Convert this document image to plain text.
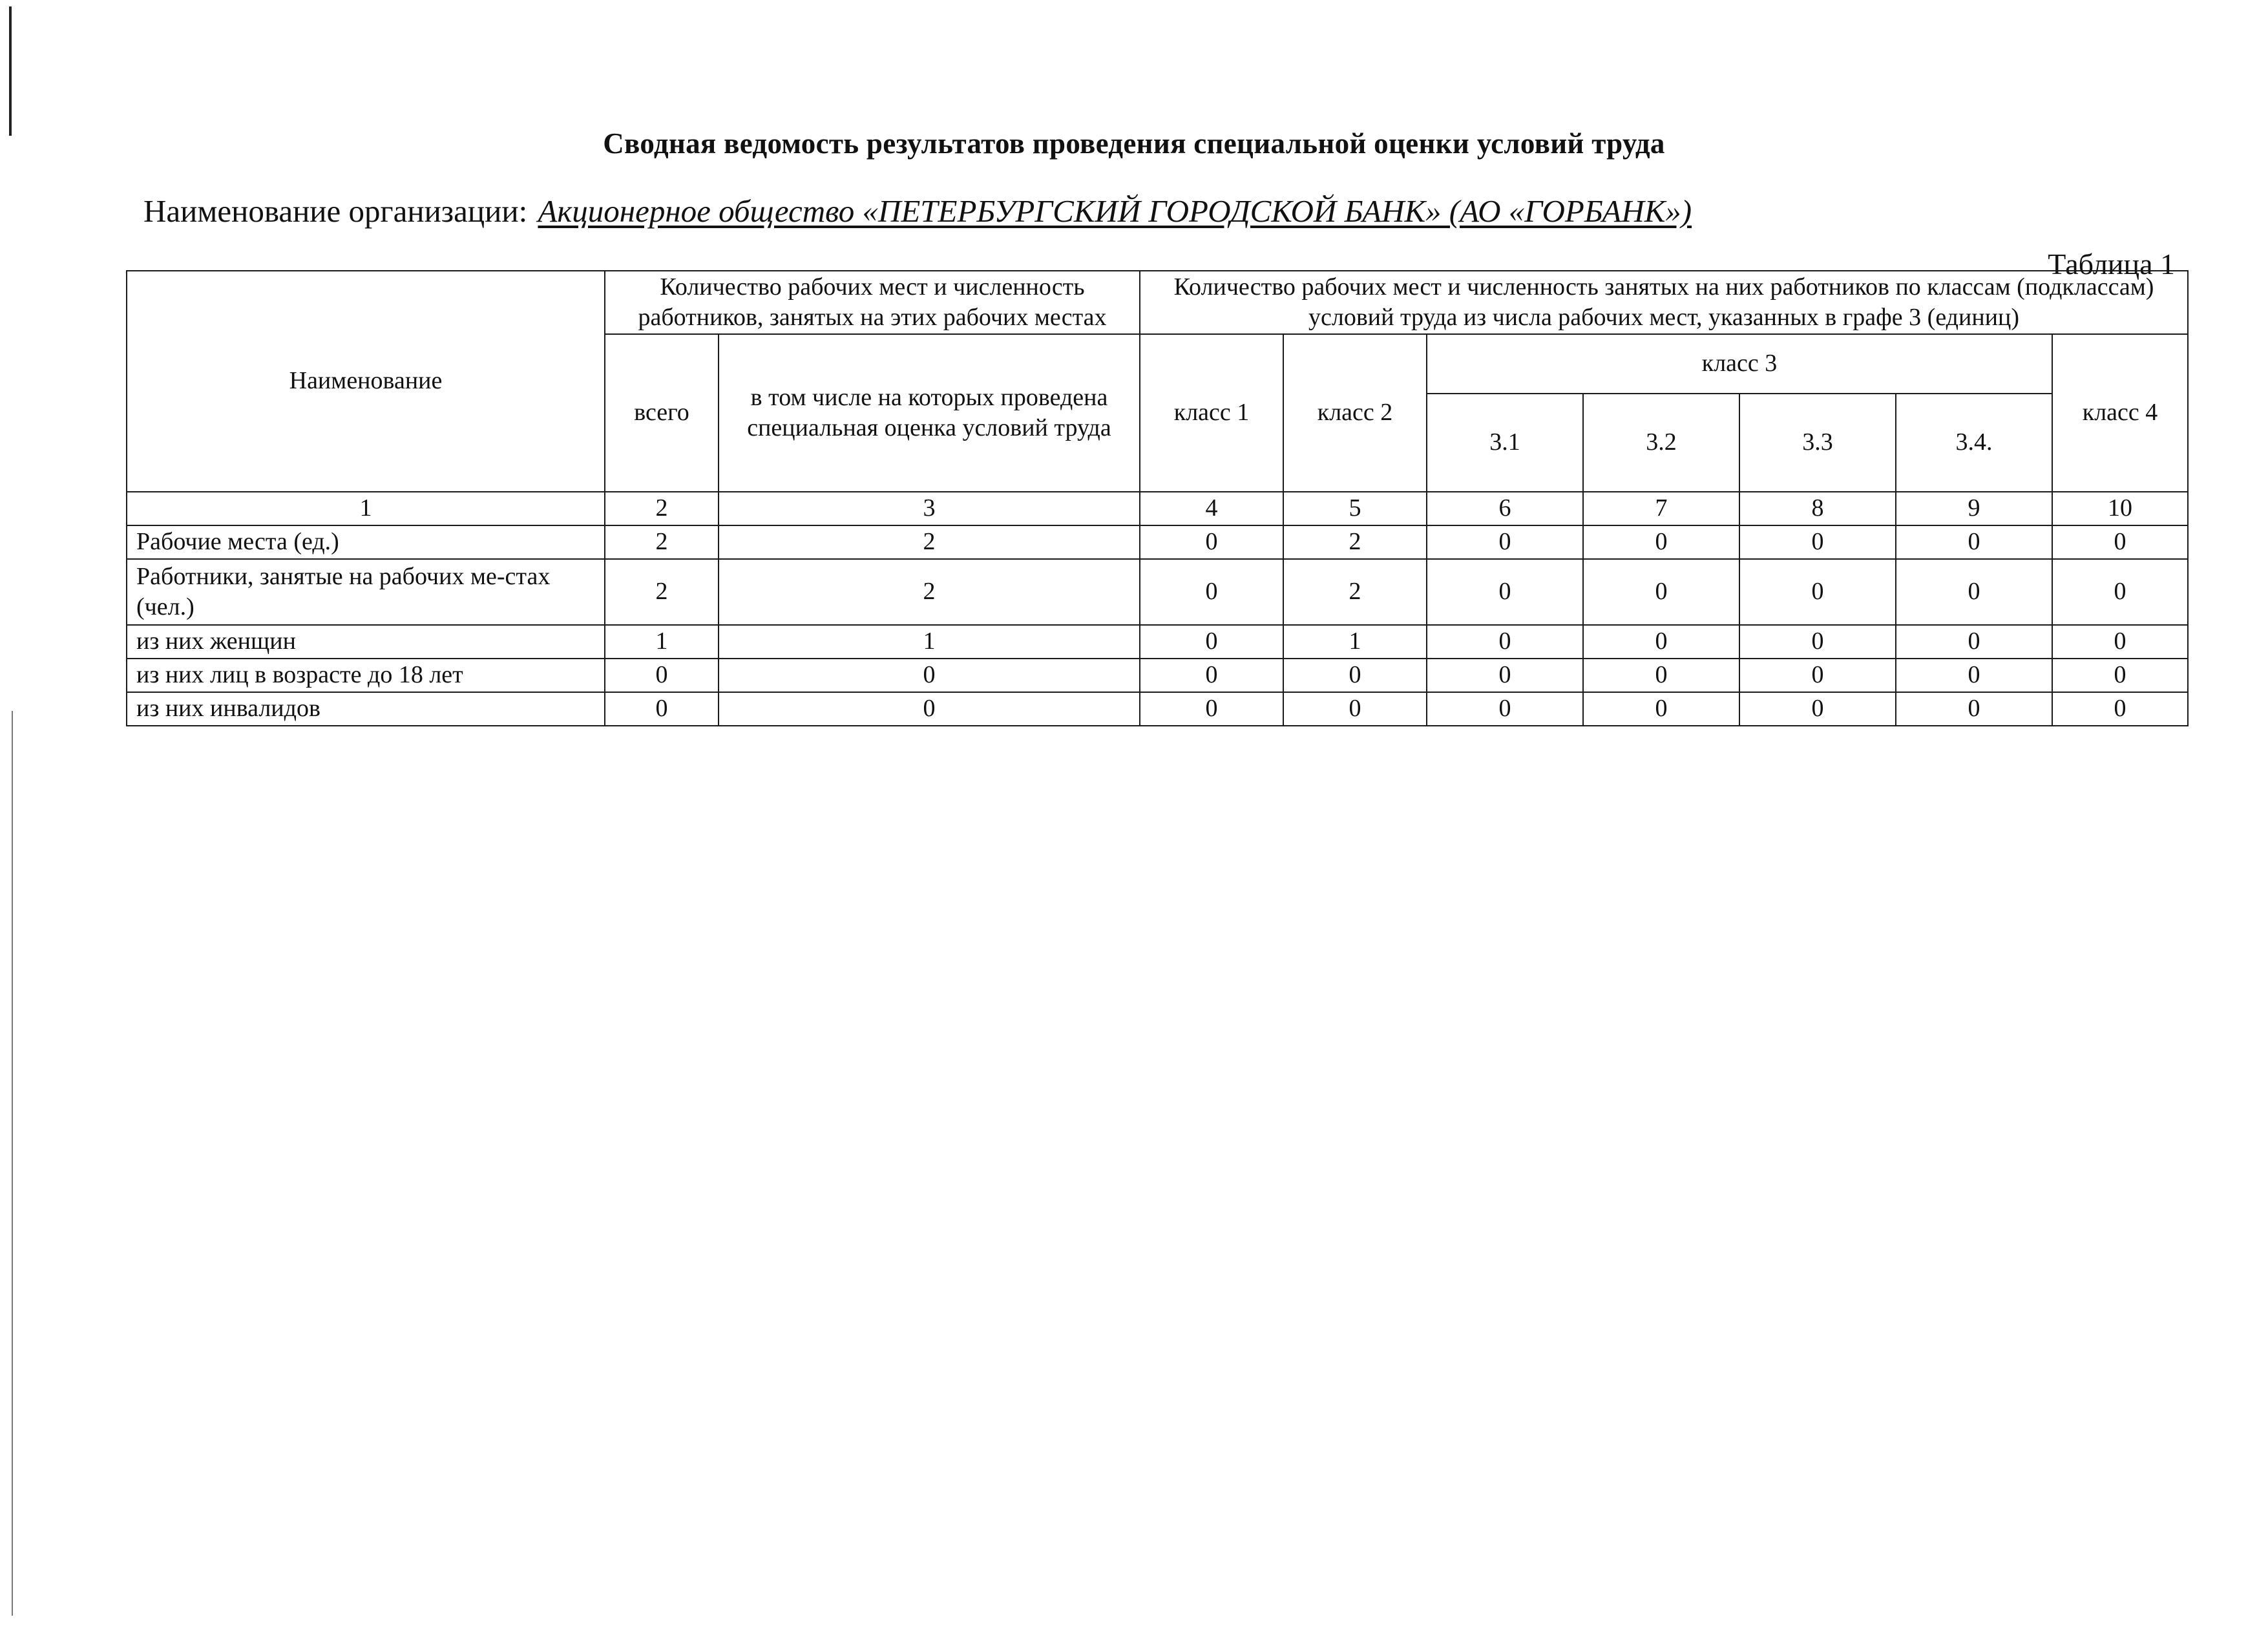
Сводная ведомость результатов проведения специальной оценки условий труда
Наименование организации: Акционерное общество «ПЕТЕРБУРГСКИЙ ГОРОДСКОЙ БАНК» (АО «ГОРБАНК»)
Таблица 1
Наименование	Количество рабочих мест и численность работников, занятых на этих рабочих местах		Количество рабочих мест и численность занятых на них работников по классам (подклассам) условий труда из числа рабочих мест, указанных в графе 3 (единиц)						
	всего	в том числе на которых проведена специальная оценка условий труда	класс 1	класс 2	класс 3				класс 4
					3.1	3.2	3.3	3.4.	
1	2	3	4	5	6	7	8	9	10
Рабочие места (ед.)	2	2	0	2	0	0	0	0	0
Работники, занятые на рабочих ме-стах (чел.)	2	2	0	2	0	0	0	0	0
из них женщин	1	1	0	1	0	0	0	0	0
из них лиц в возрасте до 18 лет	0	0	0	0	0	0	0	0	0
из них инвалидов	0	0	0	0	0	0	0	0	0
